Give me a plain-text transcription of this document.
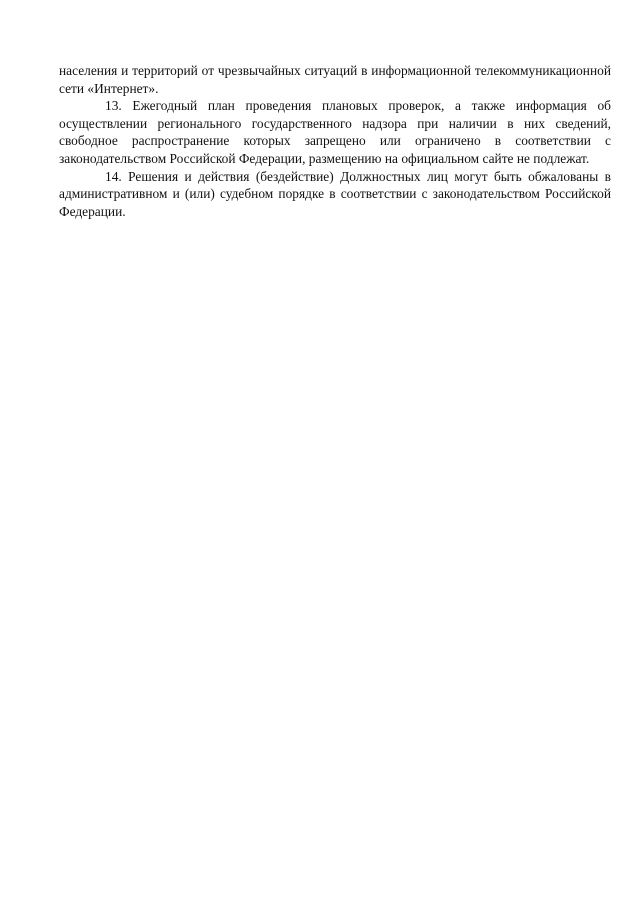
населения и территорий от чрезвычайных ситуаций в информационной телекоммуникационной сети «Интернет».

13. Ежегодный план проведения плановых проверок, а также информация об осуществлении регионального государственного надзора при наличии в них сведений, свободное распространение которых запрещено или ограничено в соответствии с законодательством Российской Федерации, размещению на официальном сайте не подлежат.

14. Решения и действия (бездействие) Должностных лиц могут быть обжалованы в административном и (или) судебном порядке в соответствии с законодательством Российской Федерации.
